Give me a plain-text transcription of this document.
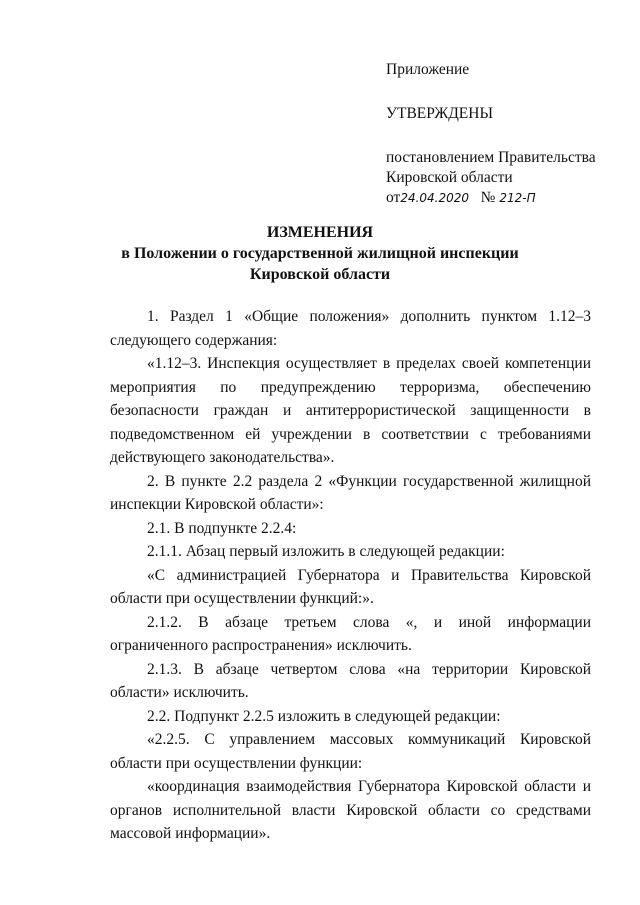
Приложение

УТВЕРЖДЕНЫ

постановлением Правительства

Кировской области

от24.04.2020 № 212-П

ИЗМЕНЕНИЯ
в Положении о государственной жилищной инспекции
Кировской области

1. Раздел 1 «Общие положения» дополнить пунктом 1.12–3 следующего содержания:

«1.12–3. Инспекция осуществляет в пределах своей компетенции мероприятия по предупреждению терроризма, обеспечению безопасности граждан и антитеррористической защищенности в подведомственном ей учреждении в соответствии с требованиями действующего законодательства».

2. В пункте 2.2 раздела 2 «Функции государственной жилищной инспекции Кировской области»:

2.1. В подпункте 2.2.4:

2.1.1. Абзац первый изложить в следующей редакции:

«С администрацией Губернатора и Правительства Кировской области при осуществлении функций:».

2.1.2. В абзаце третьем слова «, и иной информации ограниченного распространения» исключить.

2.1.3. В абзаце четвертом слова «на территории Кировской области» исключить.

2.2. Подпункт 2.2.5 изложить в следующей редакции:

«2.2.5. С управлением массовых коммуникаций Кировской области при осуществлении функции:

«координация взаимодействия Губернатора Кировской области и органов исполнительной власти Кировской области со средствами массовой информации».
